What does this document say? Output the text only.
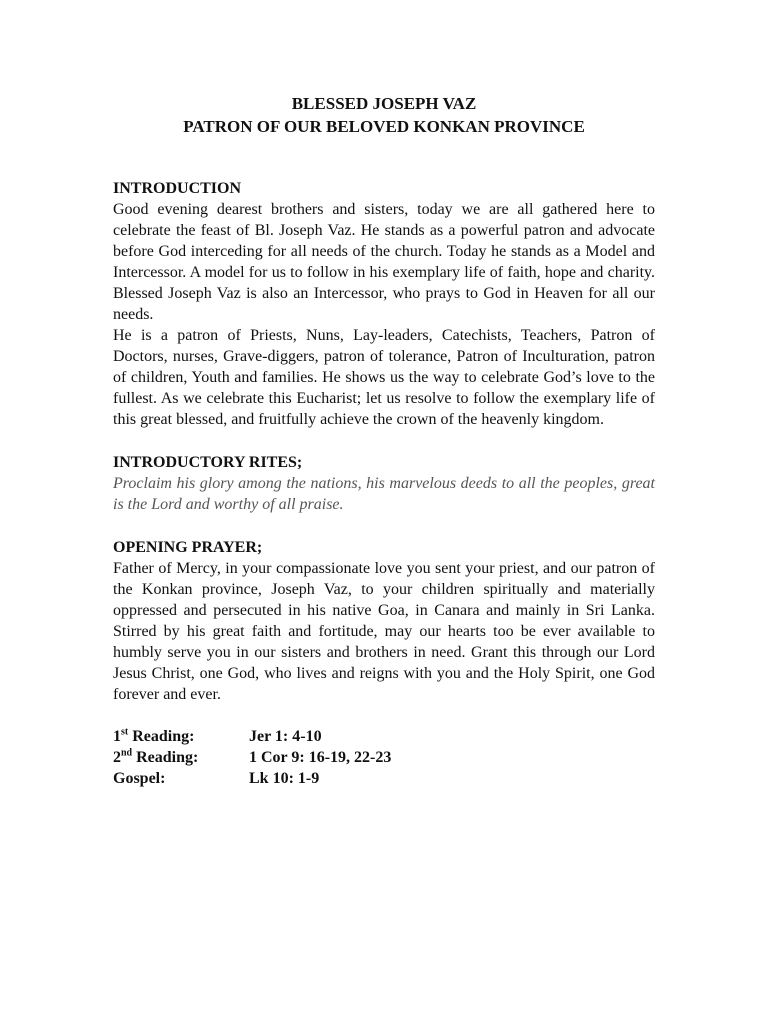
BLESSED JOSEPH VAZ
PATRON OF OUR BELOVED KONKAN PROVINCE
INTRODUCTION

Good evening dearest brothers and sisters, today we are all gathered here to celebrate the feast of Bl. Joseph Vaz. He stands as a powerful patron and advocate before God interceding for all needs of the church. Today he stands as a Model and Intercessor. A model for us to follow in his exemplary life of faith, hope and charity. Blessed Joseph Vaz is also an Intercessor, who prays to God in Heaven for all our needs.

He is a patron of Priests, Nuns, Lay-leaders, Catechists, Teachers, Patron of Doctors, nurses, Grave-diggers, patron of tolerance, Patron of Inculturation, patron of children, Youth and families. He shows us the way to celebrate God’s love to the fullest. As we celebrate this Eucharist; let us resolve to follow the exemplary life of this great blessed, and fruitfully achieve the crown of the heavenly kingdom.

INTRODUCTORY RITES;

Proclaim his glory among the nations, his marvelous deeds to all the peoples, great is the Lord and worthy of all praise.

OPENING PRAYER;

Father of Mercy, in your compassionate love you sent your priest, and our patron of the Konkan province, Joseph Vaz, to your children spiritually and materially oppressed and persecuted in his native Goa, in Canara and mainly in Sri Lanka. Stirred by his great faith and fortitude, may our hearts too be ever available to humbly serve you in our sisters and brothers in need. Grant this through our Lord Jesus Christ, one God, who lives and reigns with you and the Holy Spirit, one God forever and ever.

1st Reading:	Jer 1: 4-10
2nd Reading:	1 Cor 9: 16-19, 22-23
Gospel:	Lk 10: 1-9
